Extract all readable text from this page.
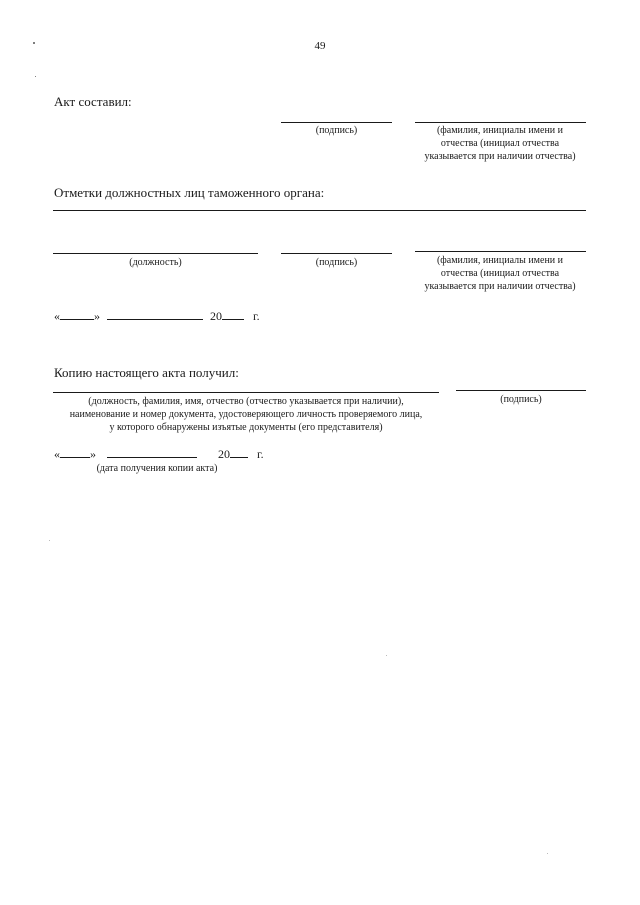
49
Акт составил:
(подпись)	(фамилия, инициалы имени и
отчества (инициал отчества
указывается при наличии отчества)
Отметки должностных лиц таможенного органа:
(должность)	(подпись)	(фамилия, инициалы имени и
отчества (инициал отчества
указывается при наличии отчества)
«	»	20	г.
Копию настоящего акта получил:
(должность, фамилия, имя, отчество (отчество указывается при наличии),
наименование и номер документа, удостоверяющего личность проверяемого лица,
у которого обнаружены изъятые документы (его представителя)
(подпись)
«	»	20 г.
(дата получения копии акта)
